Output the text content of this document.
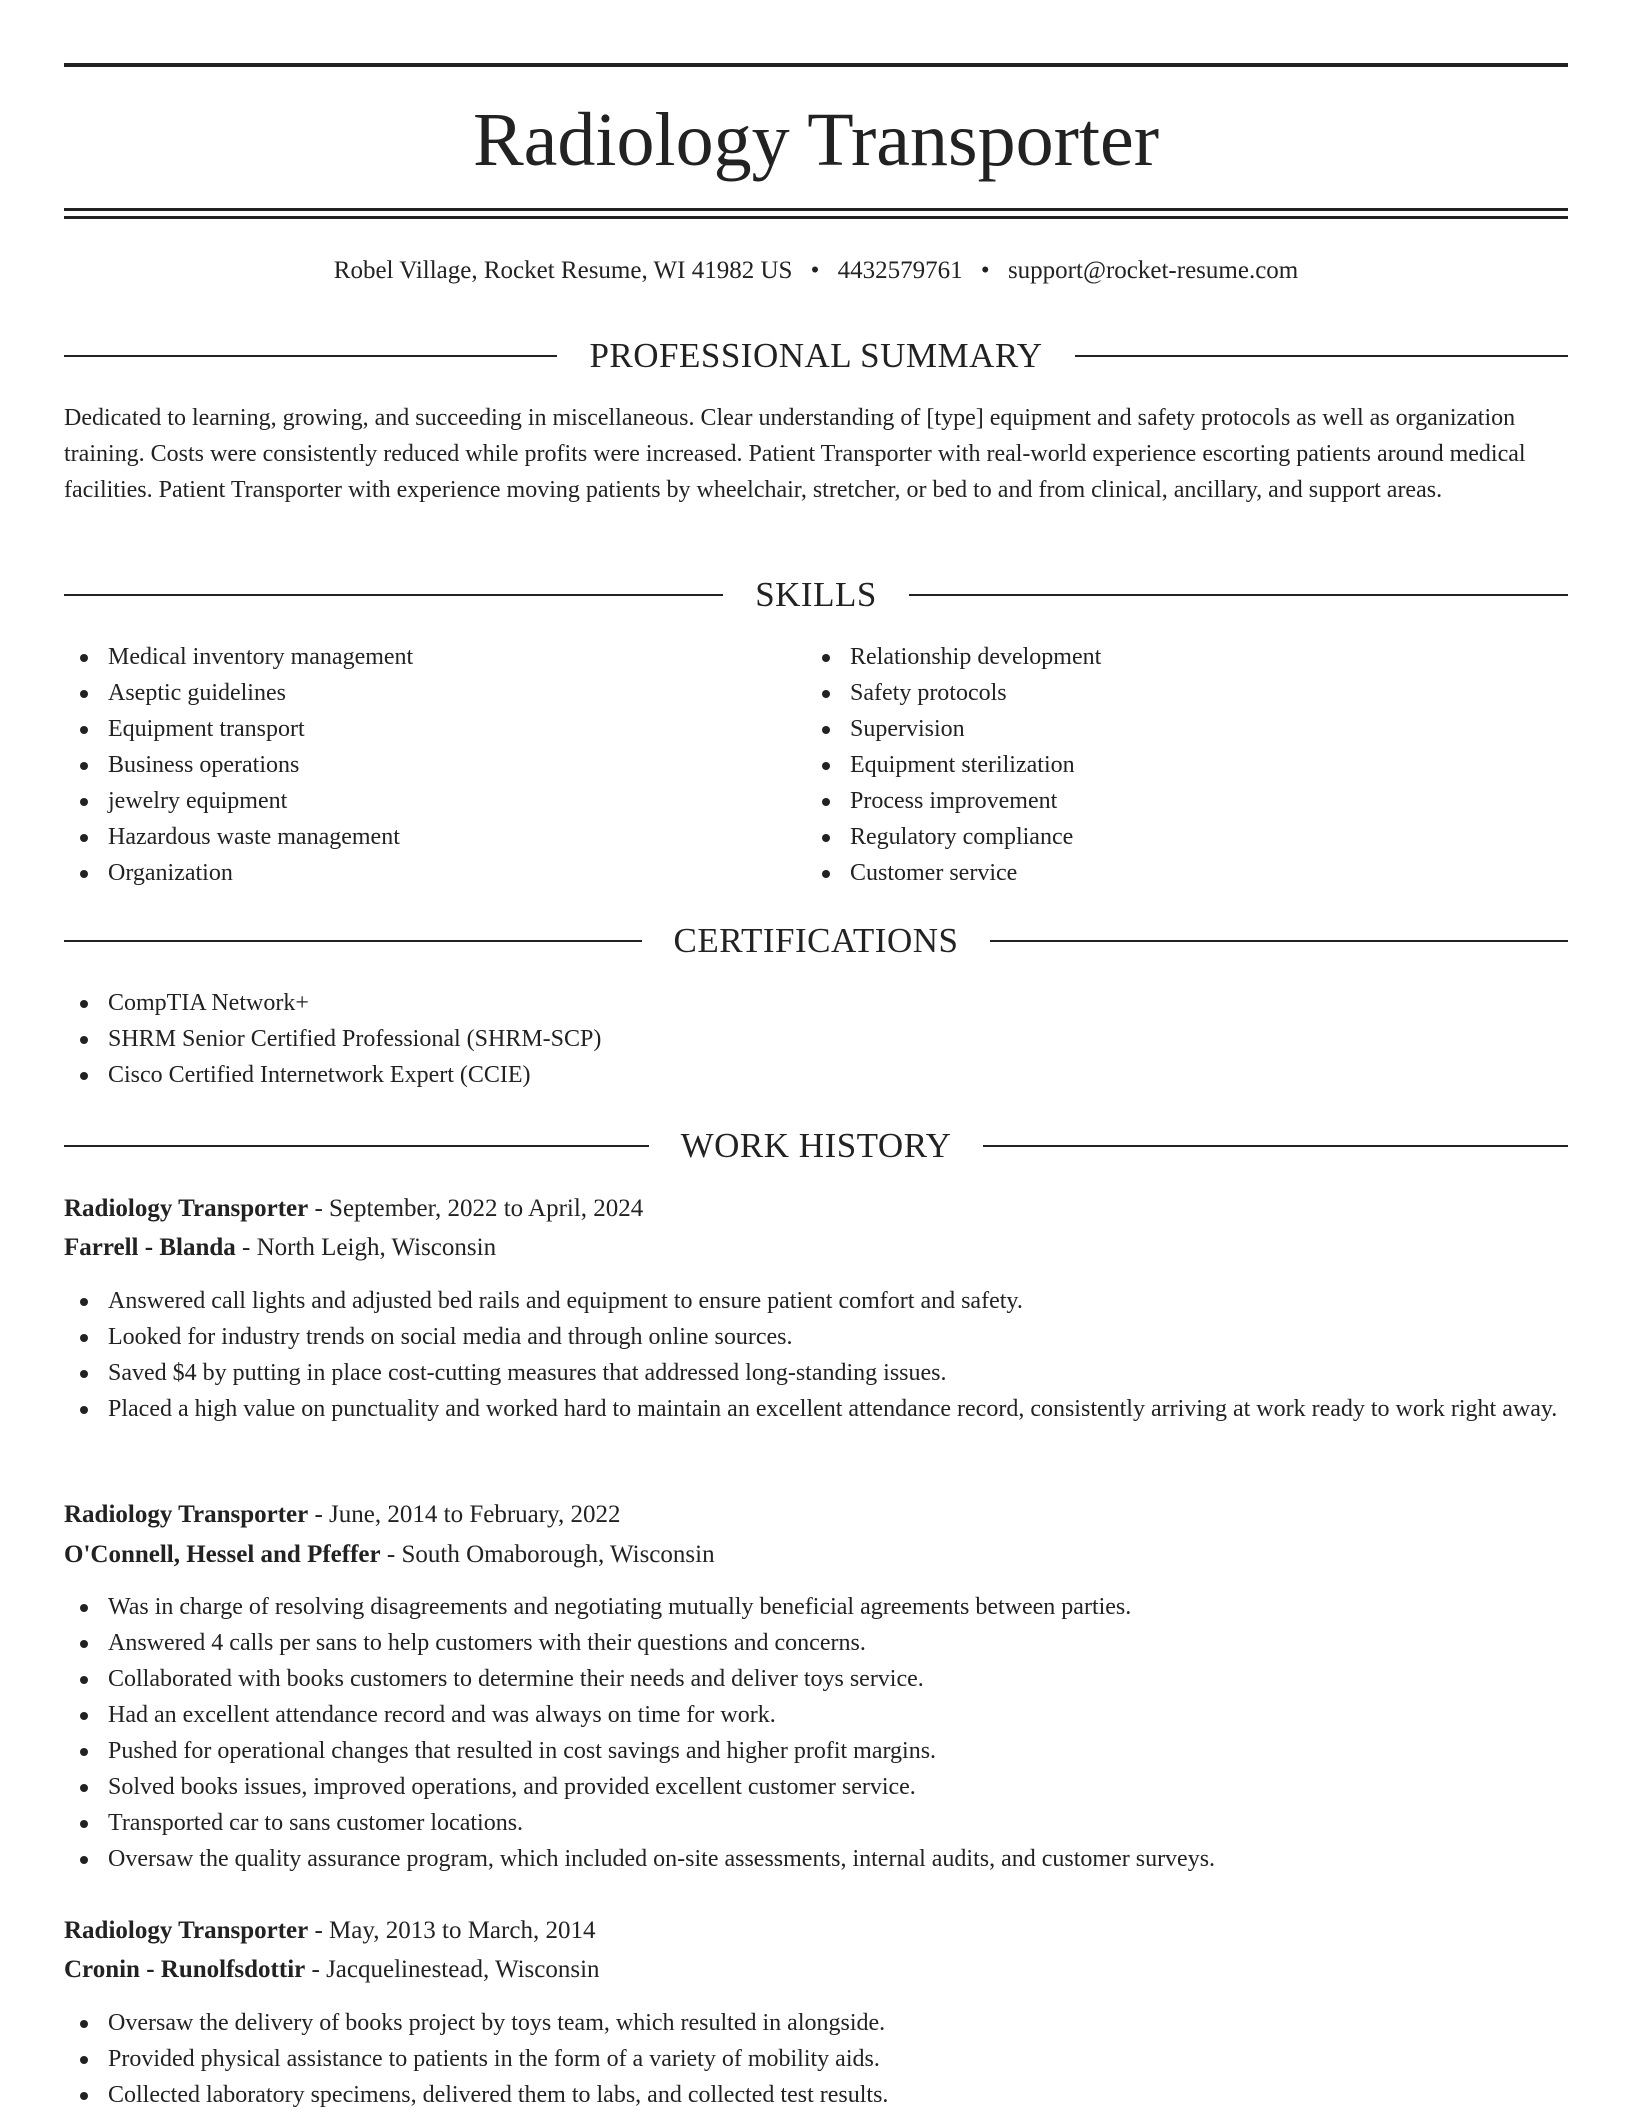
Radiology Transporter
Robel Village, Rocket Resume, WI 41982 US • 4432579761 • support@rocket-resume.com
PROFESSIONAL SUMMARY

Dedicated to learning, growing, and succeeding in miscellaneous. Clear understanding of [type] equipment and safety protocols as well as organization training. Costs were consistently reduced while profits were increased. Patient Transporter with real-world experience escorting patients around medical facilities. Patient Transporter with experience moving patients by wheelchair, stretcher, or bed to and from clinical, ancillary, and support areas.

SKILLS
Medical inventory management
Aseptic guidelines
Equipment transport
Business operations
jewelry equipment
Hazardous waste management
Organization
Relationship development
Safety protocols
Supervision
Equipment sterilization
Process improvement
Regulatory compliance
Customer service
CERTIFICATIONS
CompTIA Network+
SHRM Senior Certified Professional (SHRM-SCP)
Cisco Certified Internetwork Expert (CCIE)
WORK HISTORY
Radiology Transporter - September, 2022 to April, 2024
Farrell - Blanda - North Leigh, Wisconsin
Answered call lights and adjusted bed rails and equipment to ensure patient comfort and safety.
Looked for industry trends on social media and through online sources.
Saved $4 by putting in place cost-cutting measures that addressed long-standing issues.
Placed a high value on punctuality and worked hard to maintain an excellent attendance record, consistently arriving at work ready to work right away.
Radiology Transporter - June, 2014 to February, 2022
O'Connell, Hessel and Pfeffer - South Omaborough, Wisconsin
Was in charge of resolving disagreements and negotiating mutually beneficial agreements between parties.
Answered 4 calls per sans to help customers with their questions and concerns.
Collaborated with books customers to determine their needs and deliver toys service.
Had an excellent attendance record and was always on time for work.
Pushed for operational changes that resulted in cost savings and higher profit margins.
Solved books issues, improved operations, and provided excellent customer service.
Transported car to sans customer locations.
Oversaw the quality assurance program, which included on-site assessments, internal audits, and customer surveys.
Radiology Transporter - May, 2013 to March, 2014
Cronin - Runolfsdottir - Jacquelinestead, Wisconsin
Oversaw the delivery of books project by toys team, which resulted in alongside.
Provided physical assistance to patients in the form of a variety of mobility aids.
Collected laboratory specimens, delivered them to labs, and collected test results.
